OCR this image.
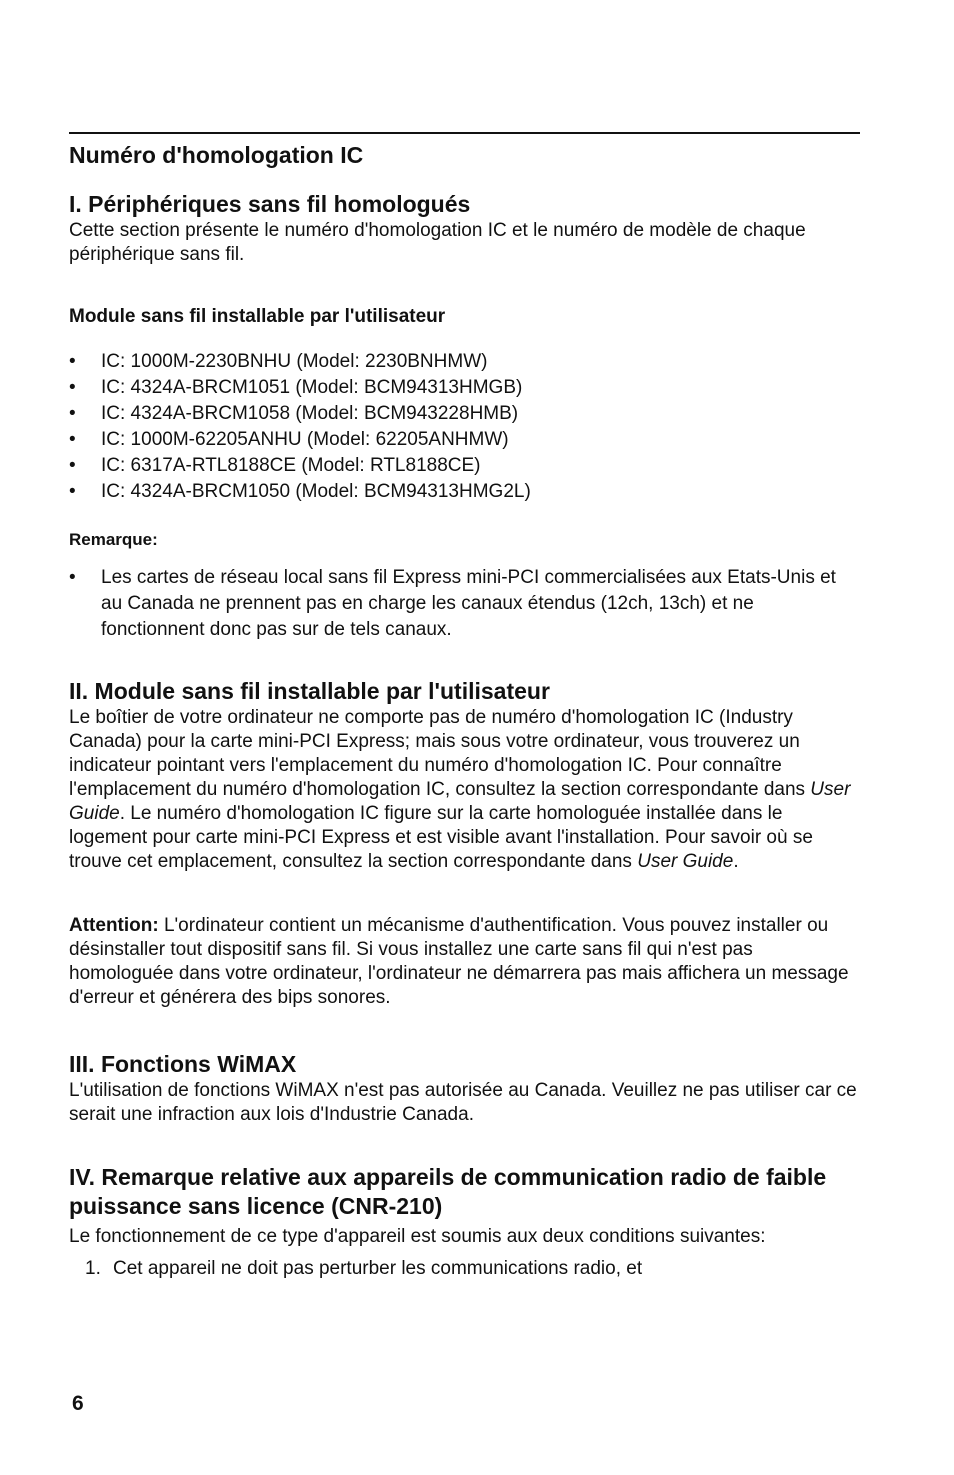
Numéro d'homologation IC
I. Périphériques sans fil homologués

Cette section présente le numéro d'homologation IC et le numéro de modèle de chaque périphérique sans fil.

Module sans fil installable par l'utilisateur
• IC: 1000M-2230BNHU (Model: 2230BNHMW)
• IC: 4324A-BRCM1051 (Model: BCM94313HMGB)
• IC: 4324A-BRCM1058 (Model: BCM943228HMB)
• IC: 1000M-62205ANHU (Model: 62205ANHMW)
• IC: 6317A-RTL8188CE (Model: RTL8188CE)
• IC: 4324A-BRCM1050 (Model: BCM94313HMG2L)
Remarque:
• Les cartes de réseau local sans fil Express mini-PCI commercialisées aux Etats-Unis et au Canada ne prennent pas en charge les canaux étendus (12ch, 13ch) et ne fonctionnent donc pas sur de tels canaux.
II. Module sans fil installable par l'utilisateur

Le boîtier de votre ordinateur ne comporte pas de numéro d'homologation IC (Industry Canada) pour la carte mini-PCI Express; mais sous votre ordinateur, vous trouverez un indicateur pointant vers l'emplacement du numéro d'homologation IC. Pour connaître l'emplacement du numéro d'homologation IC, consultez la section correspondante dans User Guide. Le numéro d'homologation IC figure sur la carte homologuée installée dans le logement pour carte mini-PCI Express et est visible avant l'installation. Pour savoir où se trouve cet emplacement, consultez la section correspondante dans User Guide.

Attention: L'ordinateur contient un mécanisme d'authentification. Vous pouvez installer ou désinstaller tout dispositif sans fil. Si vous installez une carte sans fil qui n'est pas homologuée dans votre ordinateur, l'ordinateur ne démarrera pas mais affichera un message d'erreur et générera des bips sonores.

III. Fonctions WiMAX

L'utilisation de fonctions WiMAX n'est pas autorisée au Canada. Veuillez ne pas utiliser car ce serait une infraction aux lois d'Industrie Canada.

IV. Remarque relative aux appareils de communication radio de faible puissance sans licence (CNR-210)

Le fonctionnement de ce type d'appareil est soumis aux deux conditions suivantes:

1. Cet appareil ne doit pas perturber les communications radio, et
6
